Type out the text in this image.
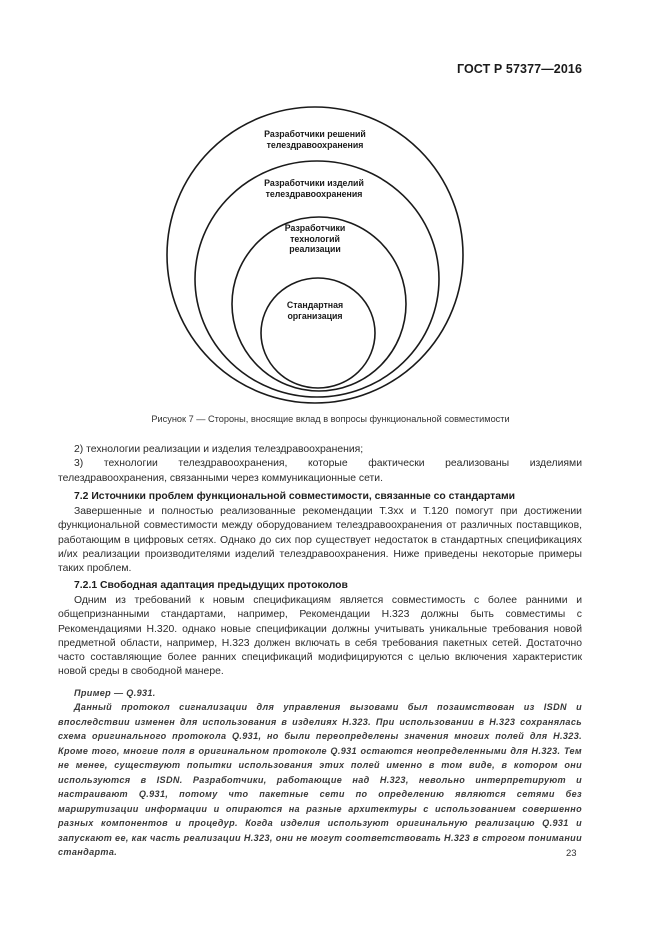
ГОСТ Р 57377—2016
Разработчики решений
телездравоохранения
Разработчики изделий
телездравоохранения
Разработчики
технологий
реализации
Стандартная
организация
Рисунок 7 — Стороны, вносящие вклад в вопросы функциональной совместимости

2) технологии реализации и изделия телездравоохранения;

3) технологии телездравоохранения, которые фактически реализованы изделиями телездравоохранения, связанными через коммуникационные сети.

7.2 Источники проблем функциональной совместимости, связанные со стандартами

Завершенные и полностью реализованные рекомендации Т.3хх и Т.120 помогут при достижении функциональной совместимости между оборудованием телездравоохранения от различных поставщиков, работающим в цифровых сетях. Однако до сих пор существует недостаток в стандартных спецификациях и/их реализации производителями изделий телездравоохранения. Ниже приведены некоторые примеры таких проблем.

7.2.1 Свободная адаптация предыдущих протоколов

Одним из требований к новым спецификациям является совместимость с более ранними и общепризнанными стандартами, например, Рекомендации Н.323 должны быть совместимы с Рекомендациями Н.320. однако новые спецификации должны учитывать уникальные требования новой предметной области, например, Н.323 должен включать в себя требования пакетных сетей. Достаточно часто составляющие более ранних спецификаций модифицируются с целью включения характеристик новой среды в свободной манере.

Пример — Q.931.

Данный протокол сигнализации для управления вызовами был позаимствован из ISDN и впоследствии изменен для использования в изделиях Н.323. При использовании в Н.323 сохранялась схема оригинального протокола Q.931, но были переопределены значения многих полей для Н.323. Кроме того, многие поля в оригинальном протоколе Q.931 остаются неопределенными для Н.323. Тем не менее, существуют попытки использования этих полей именно в том виде, в котором они используются в ISDN. Разработчики, работающие над Н.323, невольно интерпретируют и настраивают Q.931, потому что пакетные сети по определению являются сетями без маршрутизации информации и опираются на разные архитектуры с использованием совершенно разных компонентов и процедур. Когда изделия используют оригинальную реализацию Q.931 и запускают ее, как часть реализации Н.323, они не могут соответствовать Н.323 в строгом понимании стандарта.	23
